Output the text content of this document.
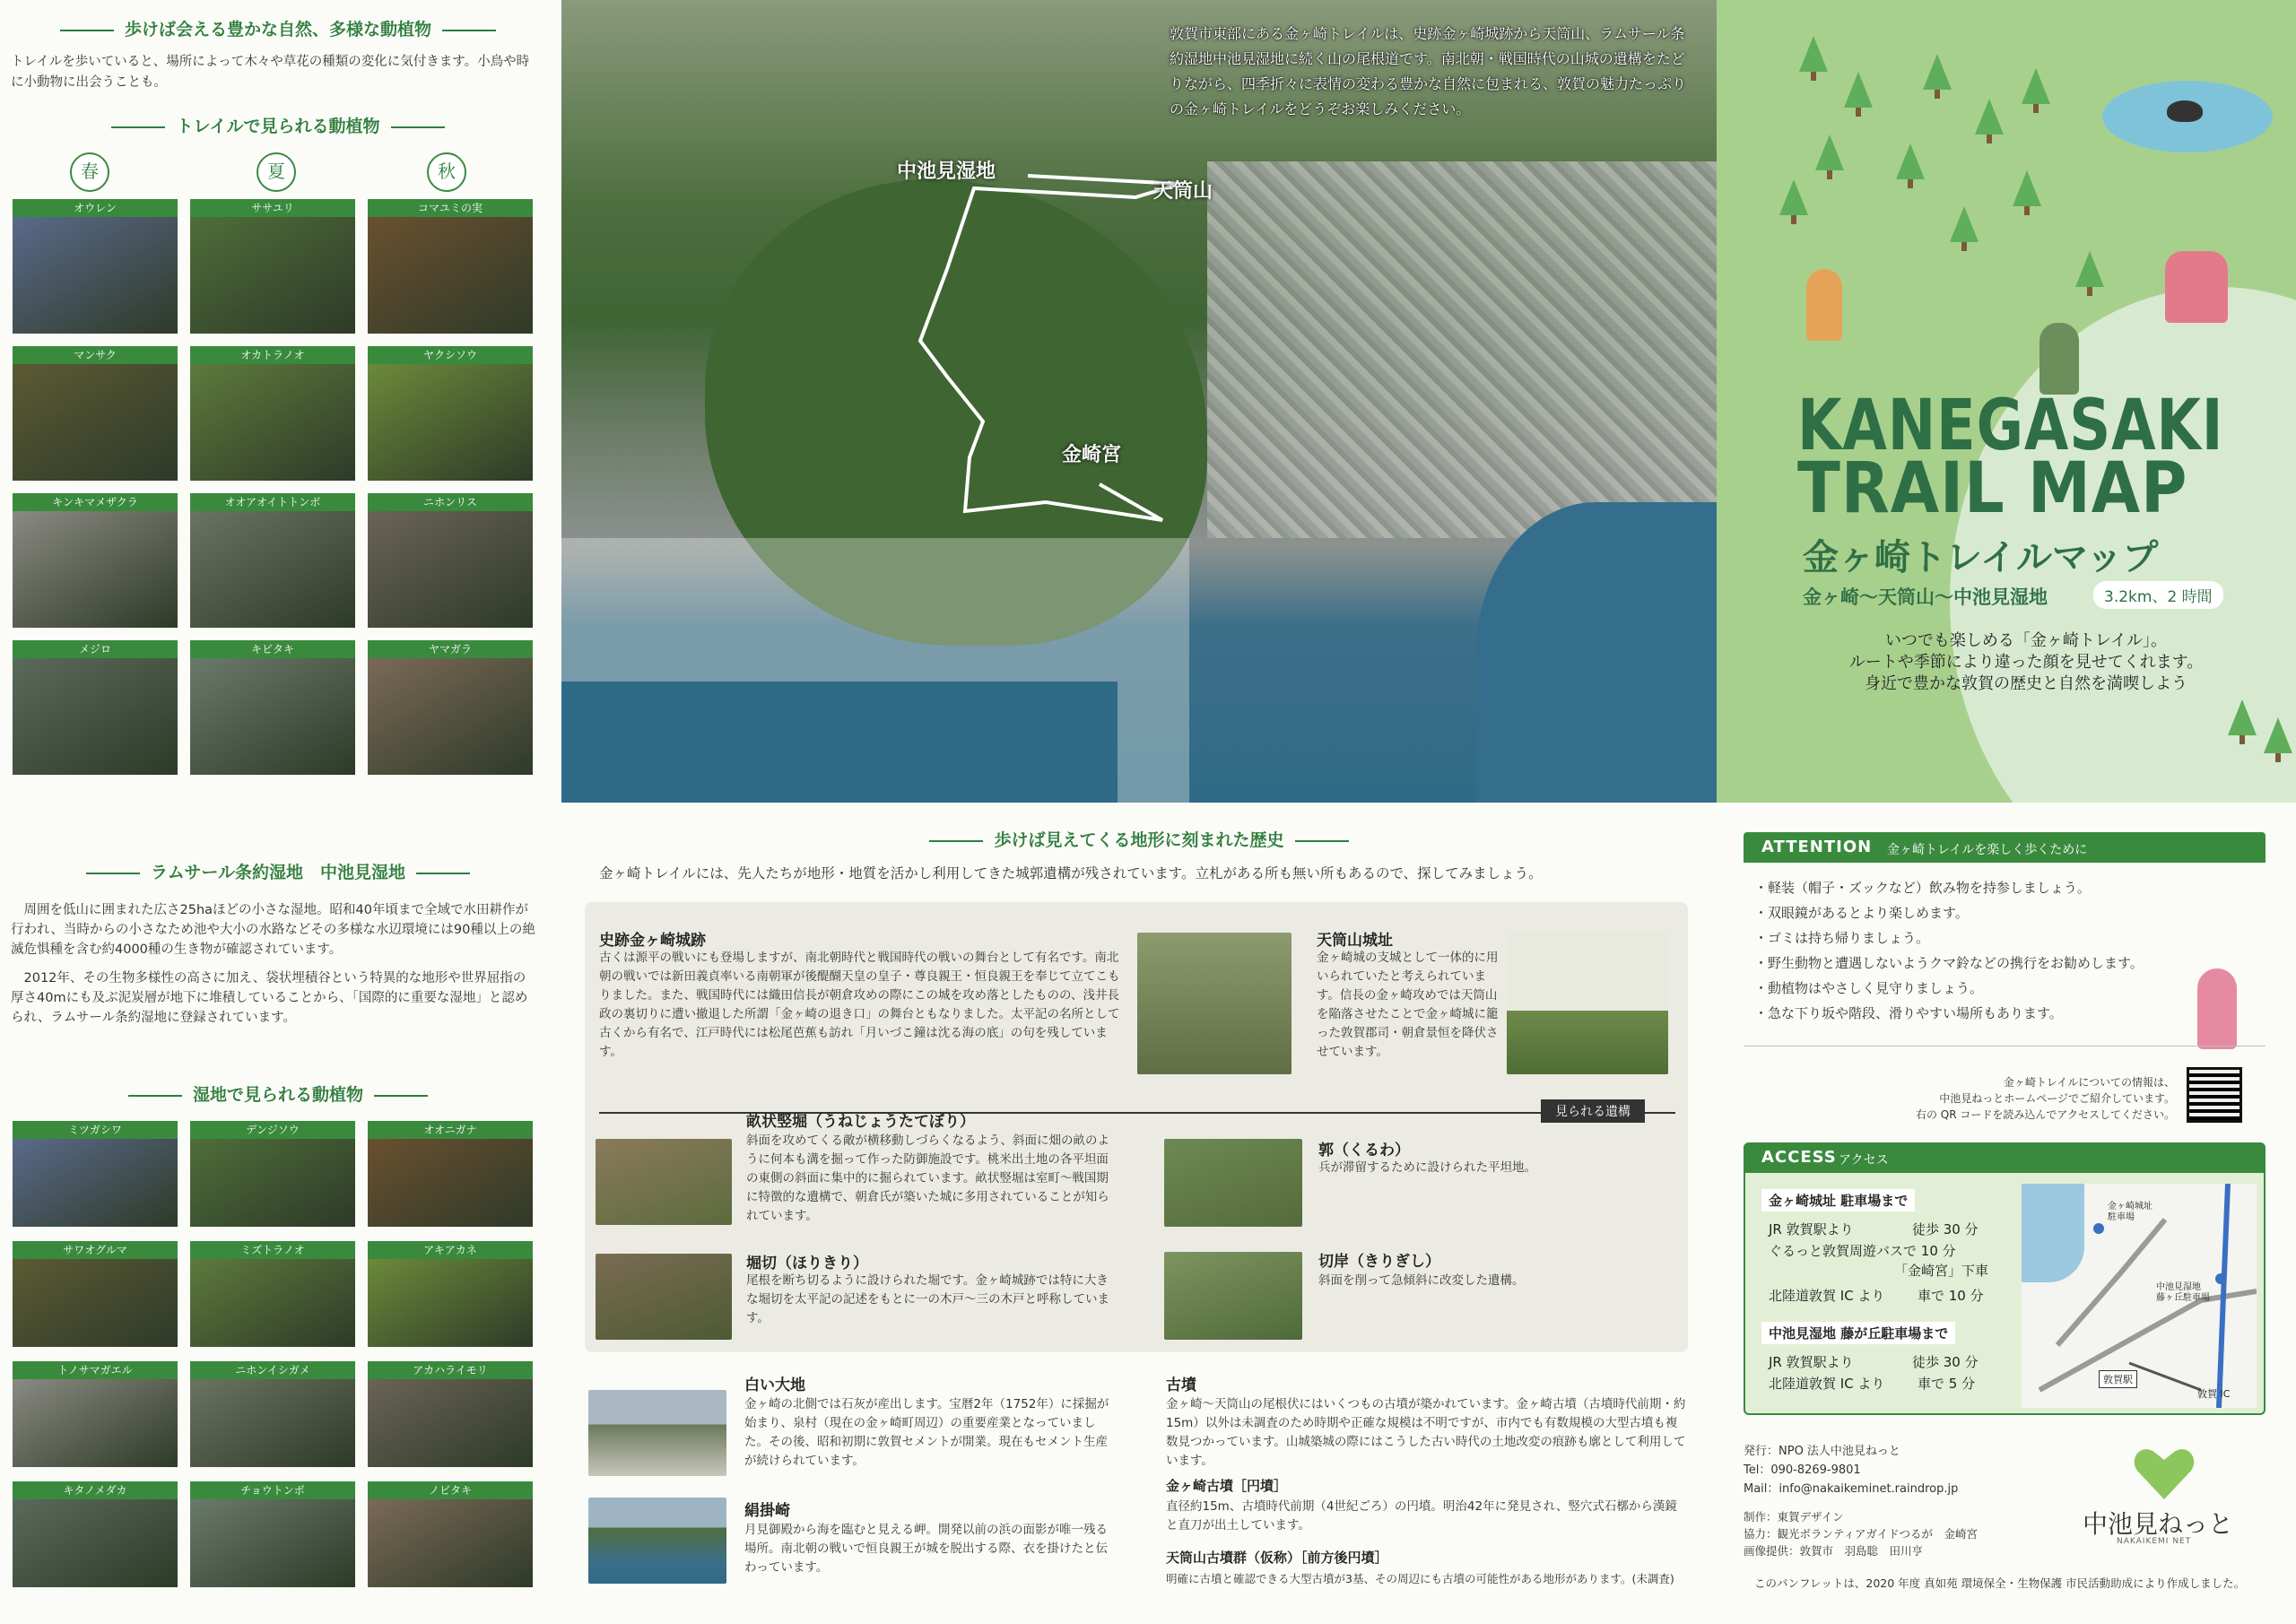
歩けば会える豊かな自然、多様な動植物
トレイルを歩いていると、場所によって木々や草花の種類の変化に気付きます。小鳥や時に小動物に出会うことも。
トレイルで見られる動植物
春	夏	秋
オウレン	ササユリ	コマユミの実
マンサク	オカトラノオ	ヤクシソウ
キンキマメザクラ	オオアオイトトンボ	ニホンリス
メジロ	キビタキ	ヤマガラ
ラムサール条約湿地　中池見湿地
周囲を低山に囲まれた広さ25haほどの小さな湿地。昭和40年頃まで全域で水田耕作が行われ、当時からの小さなため池や大小の水路などその多様な水辺環境には90種以上の絶滅危惧種を含む約4000種の生き物が確認されています。
2012年、その生物多様性の高さに加え、袋状埋積谷という特異的な地形や世界屈指の厚さ40mにも及ぶ泥炭層が地下に堆積していることから、「国際的に重要な湿地」と認められ、ラムサール条約湿地に登録されています。
湿地で見られる動植物
ミツガシワ	デンジソウ	オオニガナ
サワオグルマ	ミズトラノオ	アキアカネ
トノサマガエル	ニホンイシガメ	アカハライモリ
キタノメダカ	チョウトンボ	ノビタキ
中池見湿地
天筒山
金崎宮
敦賀市東部にある金ヶ崎トレイルは、史跡金ヶ崎城跡から天筒山、ラムサール条約湿地中池見湿地に続く山の尾根道です。南北朝・戦国時代の山城の遺構をたどりながら、四季折々に表情の変わる豊かな自然に包まれる、敦賀の魅力たっぷりの金ヶ崎トレイルをどうぞお楽しみください。
KANEGASAKI
TRAIL MAP
金ヶ崎トレイルマップ
金ヶ崎～天筒山～中池見湿地	3.2km、2 時間
いつでも楽しめる「金ヶ崎トレイル」。
ルートや季節により違った顔を見せてくれます。
身近で豊かな敦賀の歴史と自然を満喫しよう
歩けば見えてくる地形に刻まれた歴史
金ヶ崎トレイルには、先人たちが地形・地質を活かし利用してきた城郭遺構が残されています。立札がある所も無い所もあるので、探してみましょう。
史跡金ヶ崎城跡
古くは源平の戦いにも登場しますが、南北朝時代と戦国時代の戦いの舞台として有名です。南北朝の戦いでは新田義貞率いる南朝軍が後醍醐天皇の皇子・尊良親王・恒良親王を奉じて立てこもりました。また、戦国時代には織田信長が朝倉攻めの際にこの城を攻め落としたものの、浅井長政の裏切りに遭い撤退した所謂「金ヶ崎の退き口」の舞台ともなりました。太平記の名所として古くから有名で、江戸時代には松尾芭蕉も訪れ「月いづこ鐘は沈る海の底」の句を残しています。
天筒山城址
金ヶ崎城の支城として一体的に用いられていたと考えられています。信長の金ヶ崎攻めでは天筒山を陥落させたことで金ヶ崎城に籠った敦賀郡司・朝倉景恒を降伏させています。
見られる遺構
畝状竪堀（うねじょうたてぼり）
斜面を攻めてくる敵が横移動しづらくなるよう、斜面に畑の畝のように何本も溝を掘って作った防御施設です。桃米出土地の各平坦面の東側の斜面に集中的に掘られています。畝状竪堀は室町～戦国期に特徴的な遺構で、朝倉氏が築いた城に多用されていることが知られています。
堀切（ほりきり）
尾根を断ち切るように設けられた堀です。金ヶ崎城跡では特に大きな堀切を太平記の記述をもとに一の木戸～三の木戸と呼称しています。
郭（くるわ）
兵が滞留するために設けられた平坦地。
切岸（きりぎし）
斜面を削って急傾斜に改変した遺構。
白い大地
金ヶ崎の北側では石灰が産出します。宝暦2年（1752年）に採掘が始まり、泉村（現在の金ヶ崎町周辺）の重要産業となっていました。その後、昭和初期に敦賀セメントが開業。現在もセメント生産が続けられています。
絹掛崎
月見御殿から海を臨むと見える岬。開発以前の浜の面影が唯一残る場所。南北朝の戦いで恒良親王が城を脱出する際、衣を掛けたと伝わっています。
古墳
金ヶ崎～天筒山の尾根伏にはいくつもの古墳が築かれています。金ヶ崎古墳（古墳時代前期・約15m）以外は未調査のため時期や正確な規模は不明ですが、市内でも有数規模の大型古墳も複数見つかっています。山城築城の際にはこうした古い時代の土地改変の痕跡も廓として利用しています。
金ヶ崎古墳［円墳］
直径約15m、古墳時代前期（4世紀ごろ）の円墳。明治42年に発見され、竪穴式石槨から漢鏡と直刀が出土しています。
天筒山古墳群（仮称）［前方後円墳］
明確に古墳と確認できる大型古墳が3基、その周辺にも古墳の可能性がある地形があります。(未調査)
ATTENTION 金ヶ崎トレイルを楽しく歩くために
・軽装（帽子・ズックなど）飲み物を持参しましょう。
・双眼鏡があるとより楽しめます。
・ゴミは持ち帰りましょう。
・野生動物と遭遇しないようクマ鈴などの携行をお勧めします。
・動植物はやさしく見守りましょう。
・急な下り坂や階段、滑りやすい場所もあります。
金ヶ崎トレイルについての情報は、
中池見ねっとホームページでご紹介しています。
右の QR コードを読み込んでアクセスしてください。
ACCESS アクセス
金ヶ崎城址 駐車場まで
JR 敦賀駅より	徒歩 30 分
ぐるっと敦賀周遊バスで 10 分
「金崎宮」下車
北陸道敦賀 IC より 車で 10 分
中池見湿地 藤が丘駐車場まで
JR 敦賀駅より	徒歩 30 分
北陸道敦賀 IC より 車で 5 分
金ヶ崎城址
駐車場
中池見湿地
藤ヶ丘駐車場
敦賀駅
敦賀 IC
発行：NPO 法人中池見ねっと
Tel：090-8269-9801
Mail：info@nakaikeminet.raindrop.jp
制作：東賀デザイン
協力：観光ボランティアガイドつるが　金崎宮
画像提供：敦賀市　羽島聡　田川亨
中池見ねっと
NAKAIKEMI NET
このパンフレットは、2020 年度 真如苑 環境保全・生物保護 市民活動助成により作成しました。
